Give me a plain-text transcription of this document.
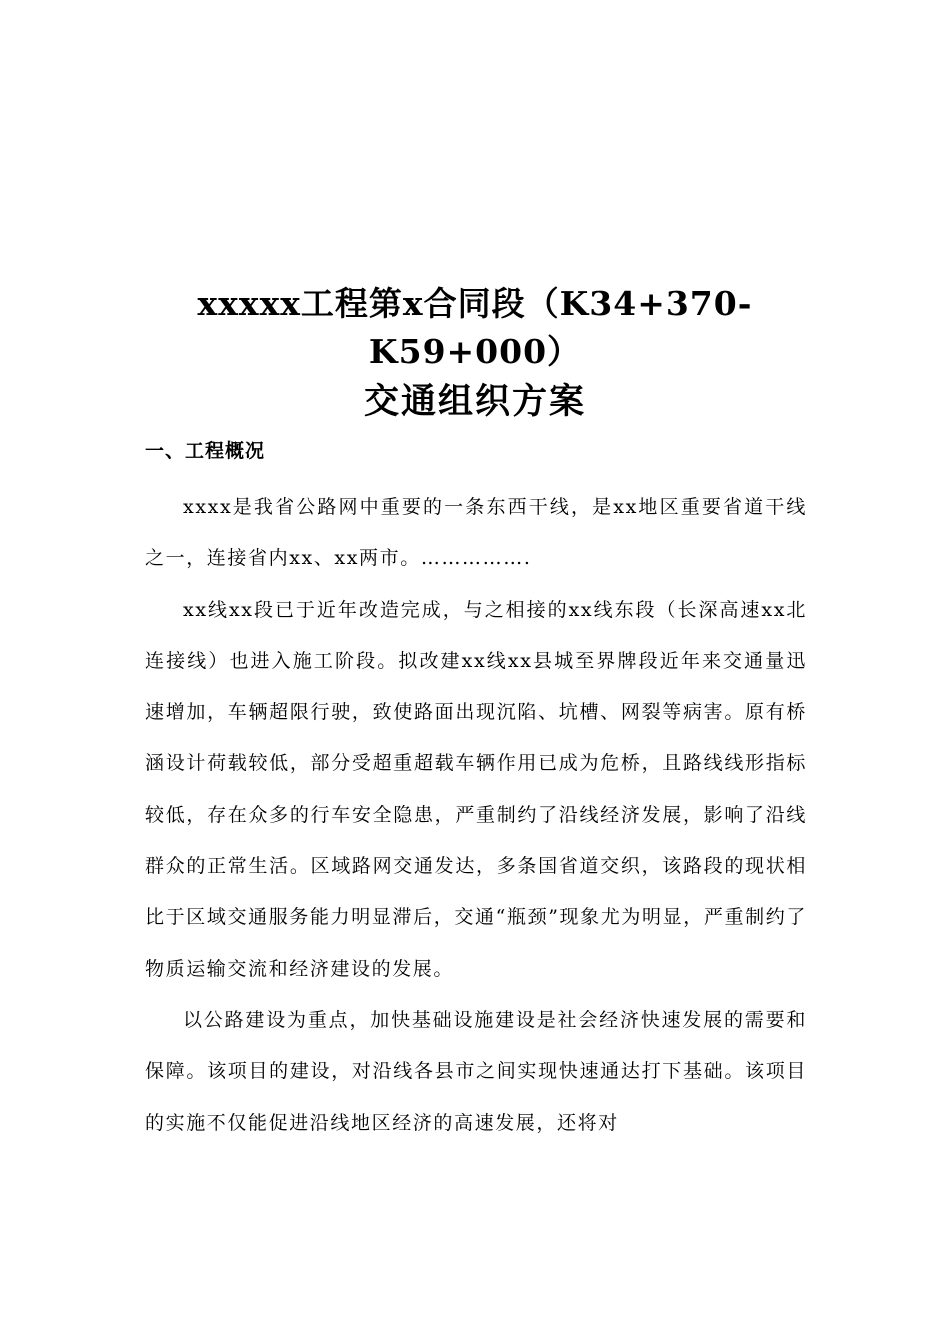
xxxxx工程第x合同段（K34+370-
K59+000）
交通组织方案
一、工程概况

xxxx是我省公路网中重要的一条东西干线，是xx地区重要省道干线之一，连接省内xx、xx两市。…………….

xx线xx段已于近年改造完成，与之相接的xx线东段（长深高速xx北连接线）也进入施工阶段。拟改建xx线xx县城至界牌段近年来交通量迅速增加，车辆超限行驶，致使路面出现沉陷、坑槽、网裂等病害。原有桥涵设计荷载较低，部分受超重超载车辆作用已成为危桥，且路线线形指标较低，存在众多的行车安全隐患，严重制约了沿线经济发展，影响了沿线群众的正常生活。区域路网交通发达，多条国省道交织，该路段的现状相比于区域交通服务能力明显滞后，交通“瓶颈”现象尤为明显，严重制约了物质运输交流和经济建设的发展。

以公路建设为重点，加快基础设施建设是社会经济快速发展的需要和保障。该项目的建设，对沿线各县市之间实现快速通达打下基础。该项目的实施不仅能促进沿线地区经济的高速发展，还将对
